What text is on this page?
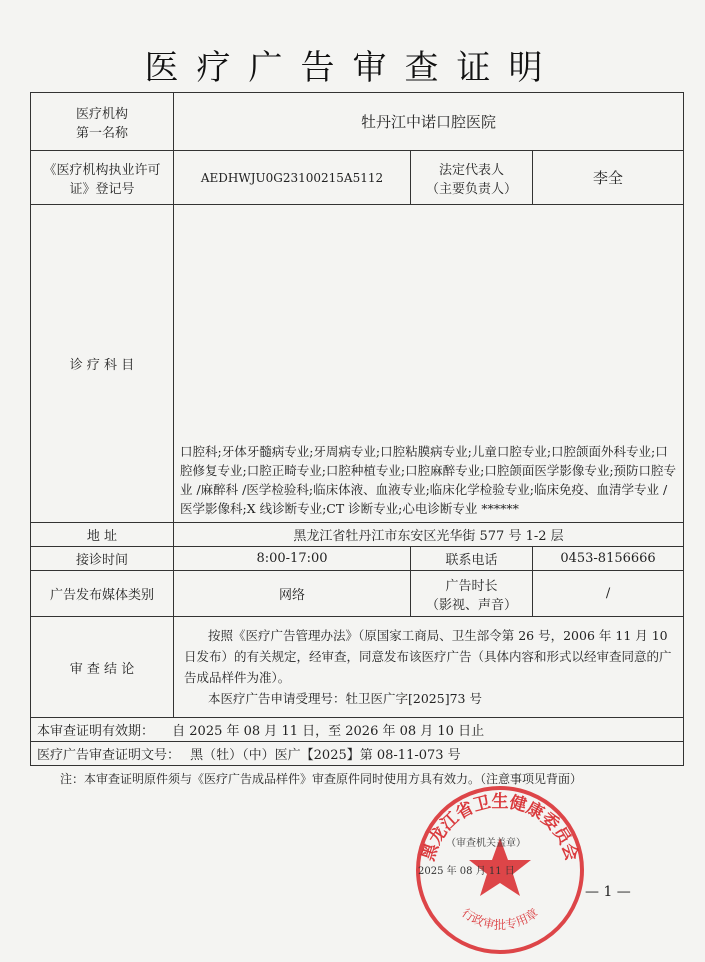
医疗广告审查证明
医疗机构
第一名称	牡丹江中诺口腔医院		
《医疗机构执业许可证》登记号	AEDHWJU0G23100215A5112	法定代表人
（主要负责人）	李全
诊 疗 科 目	口腔科;牙体牙髓病专业;牙周病专业;口腔粘膜病专业;儿童口腔专业;口腔颌面外科专业;口腔修复专业;口腔正畸专业;口腔种植专业;口腔麻醉专业;口腔颌面医学影像专业;预防口腔专业 /麻醉科 /医学检验科;临床体液、血液专业;临床化学检验专业;临床免疫、血清学专业 /医学影像科;X 线诊断专业;CT 诊断专业;心电诊断专业 ******		
地 址	黑龙江省牡丹江市东安区光华街 577 号 1-2 层		
接诊时间	8:00-17:00	联系电话	0453-8156666
广告发布媒体类别	网络	广告时长
（影视、声音）	/
审 查 结 论	按照《医疗广告管理办法》（原国家工商局、卫生部令第 26 号，2006 年 11 月 10 日发布）的有关规定，经审查，同意发布该医疗广告（具体内容和形式以经审查同意的广告成品样件为准）。

本医疗广告申请受理号：牡卫医广字[2025]73 号		

本审查证明有效期： 自 2025 年 08 月 11 日，至 2026 年 08 月 10 日止			
医疗广告审查证明文号： 黑（牡）（中）医广【2025】第 08-11-073 号			
注：本审查证明原件须与《医疗广告成品样件》审查原件同时使用方具有效力。（注意事项见背面）
黑龙江省卫生健康委员会
行政审批专用章
（审查机关盖章）
2025 年 08 月 11 日
— 1 —
